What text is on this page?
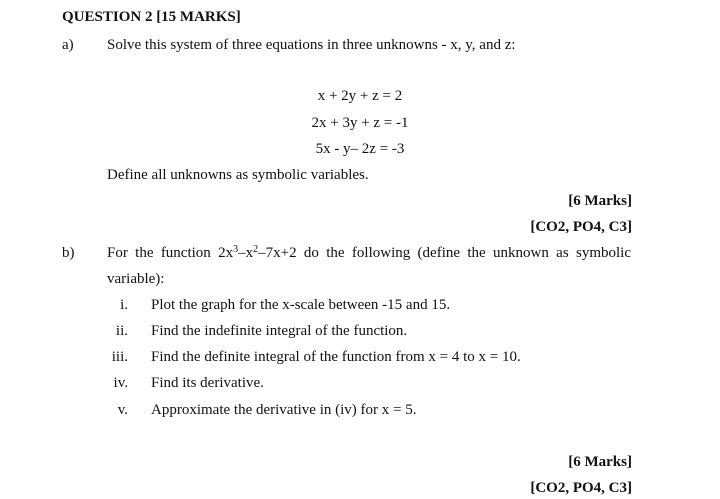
QUESTION 2 [15 MARKS]
a) Solve this system of three equations in three unknowns - x, y, and z:
x + 2y + z = 2
2x + 3y + z = -1
5x - y– 2z = -3
Define all unknowns as symbolic variables.
[6 Marks]
[CO2, PO4, C3]
b) For the function $2x^3-x^2-7x+2$ do the following (define the unknown as symbolic
variable):
i. Plot the graph for the x-scale between -15 and 15.
ii. Find the indefinite integral of the function.
iii. Find the definite integral of the function from x = 4 to x = 10.
iv. Find its derivative.
v. Approximate the derivative in (iv) for x = 5.
[6 Marks]
[CO2, PO4, C3]
